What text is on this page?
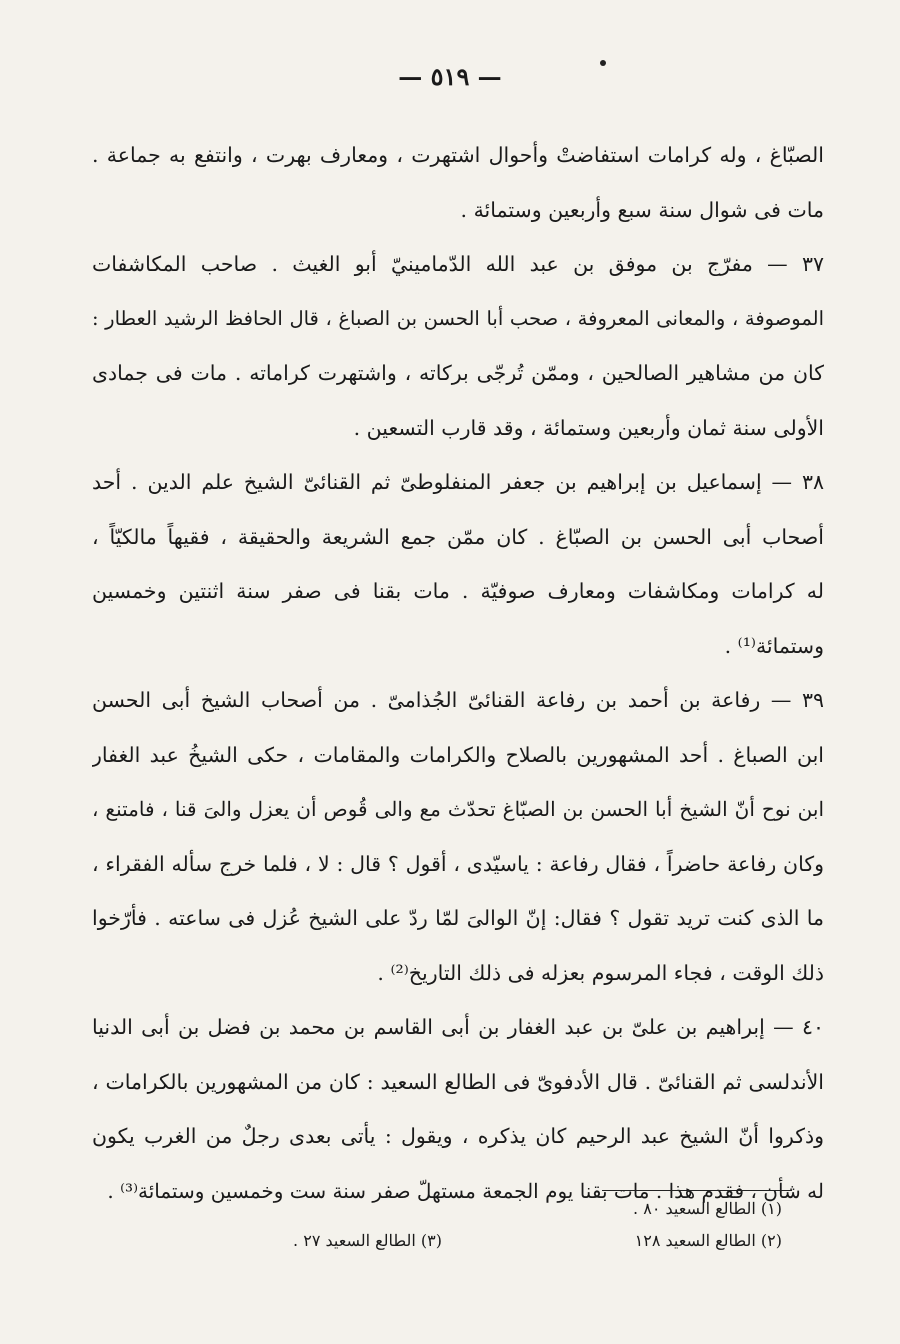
— ٥١٩ —
الصبّاغ ، وله كرامات استفاضتْ وأحوال اشتهرت ، ومعارف بهرت ، وانتفع به جماعة .
مات فى شوال سنة سبع وأربعين وستمائة .
٣٧ — مفرّج بن موفق بن عبد الله الدّمامينيّ أبو الغيث . صاحب المكاشفات
الموصوفة ، والمعانى المعروفة ، صحب أبا الحسن بن الصباغ ، قال الحافظ الرشيد العطار :
كان من مشاهير الصالحين ، وممّن تُرجّى بركاته ، واشتهرت كراماته . مات فى جمادى
الأولى سنة ثمان وأربعين وستمائة ، وقد قارب التسعين .
٣٨ — إسماعيل بن إبراهيم بن جعفر المنفلوطىّ ثم القنائىّ الشيخ علم الدين . أحد
أصحاب أبى الحسن بن الصبّاغ . كان ممّن جمع الشريعة والحقيقة ، فقيهاً مالكيّاً ،
له كرامات ومكاشفات ومعارف صوفيّة . مات بقنا فى صفر سنة اثنتين وخمسين
وستمائة⁽¹⁾ .
٣٩ — رفاعة بن أحمد بن رفاعة القنائىّ الجُذامىّ . من أصحاب الشيخ أبى الحسن
ابن الصباغ . أحد المشهورين بالصلاح والكرامات والمقامات ، حكى الشيخُ عبد الغفار
ابن نوح أنّ الشيخ أبا الحسن بن الصبّاغ تحدّث مع والى قُوص أن يعزل والىَ قنا ، فامتنع ،
وكان رفاعة حاضراً ، فقال رفاعة : ياسيّدى ، أقول ؟ قال : لا ، فلما خرج سأله الفقراء ،
ما الذى كنت تريد تقول ؟ فقال: إنّ الوالىَ لمّا ردّ على الشيخ عُزل فى ساعته . فأرّخوا
ذلك الوقت ، فجاء المرسوم بعزله فى ذلك التاريخ⁽²⁾ .
٤٠ — إبراهيم بن علىّ بن عبد الغفار بن أبى القاسم بن محمد بن فضل بن أبى الدنيا
الأندلسى ثم القنائىّ . قال الأدفوىّ فى الطالع السعيد : كان من المشهورين بالكرامات ،
وذكروا أنّ الشيخ عبد الرحيم كان يذكره ، ويقول : يأتى بعدى رجلٌ من الغرب يكون
له شأن ، فقدم هذا . مات بقنا يوم الجمعة مستهلّ صفر سنة ست وخمسين وستمائة⁽³⁾ .
(١) الطالع السعيد ٨٠ .
(٢) الطالع السعيد ١٢٨
(٣) الطالع السعيد ٢٧ .
